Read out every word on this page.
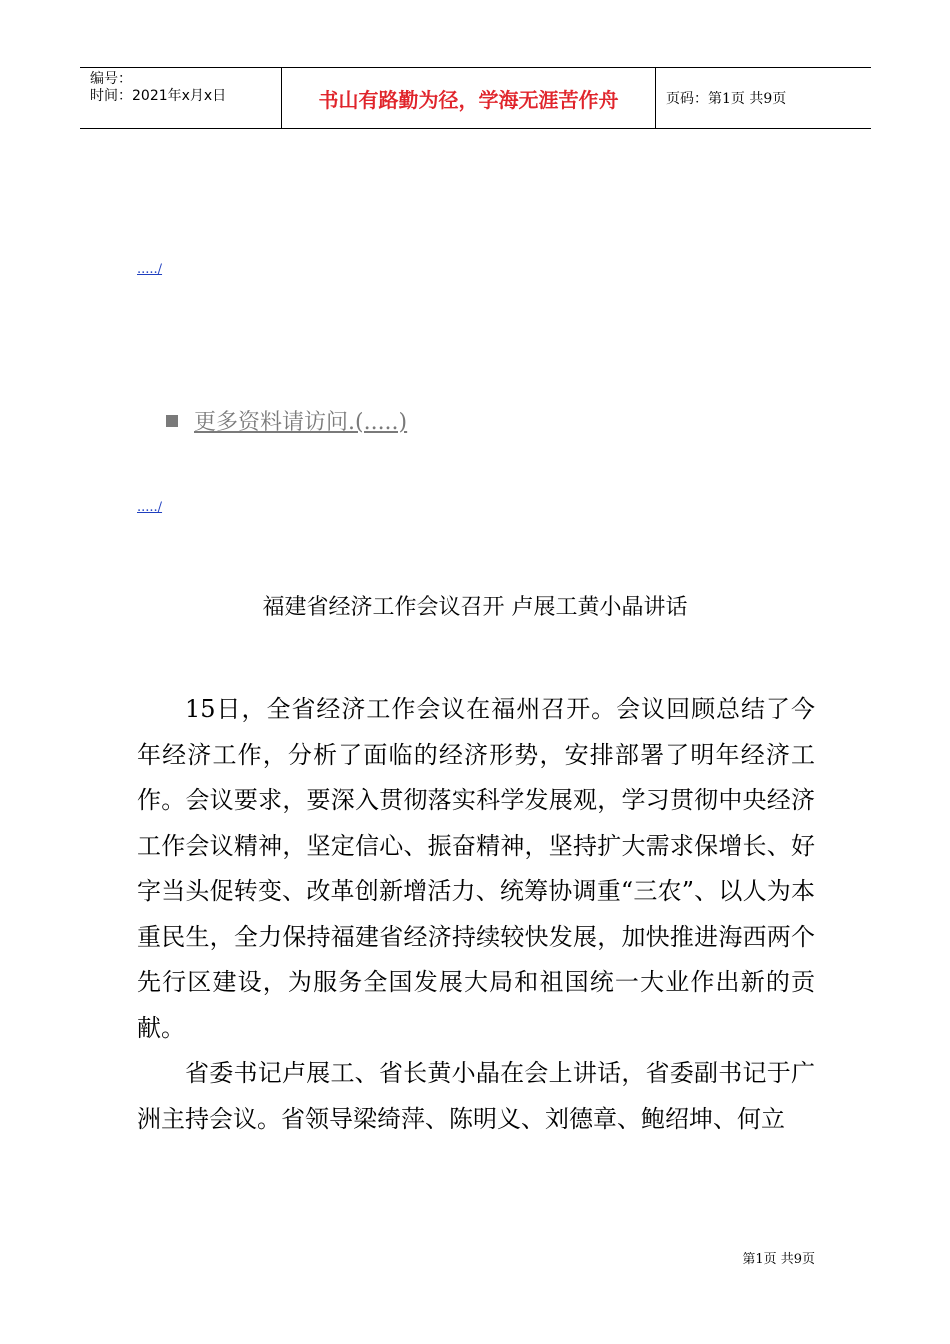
编号：
时间：2021年x月x日	书山有路勤为径，学海无涯苦作舟	页码：第1页 共9页
...../
更多资料请访问.(.....)
...../
福建省经济工作会议召开 卢展工黄小晶讲话

15日，全省经济工作会议在福州召开。会议回顾总结了今年经济工作，分析了面临的经济形势，安排部署了明年经济工作。会议要求，要深入贯彻落实科学发展观，学习贯彻中央经济工作会议精神，坚定信心、振奋精神，坚持扩大需求保增长、好字当头促转变、改革创新增活力、统筹协调重“三农”、以人为本重民生，全力保持福建省经济持续较快发展，加快推进海西两个先行区建设，为服务全国发展大局和祖国统一大业作出新的贡献。

省委书记卢展工、省长黄小晶在会上讲话，省委副书记于广洲主持会议。省领导梁绮萍、陈明义、刘德章、鲍绍坤、何立

第1页 共9页
